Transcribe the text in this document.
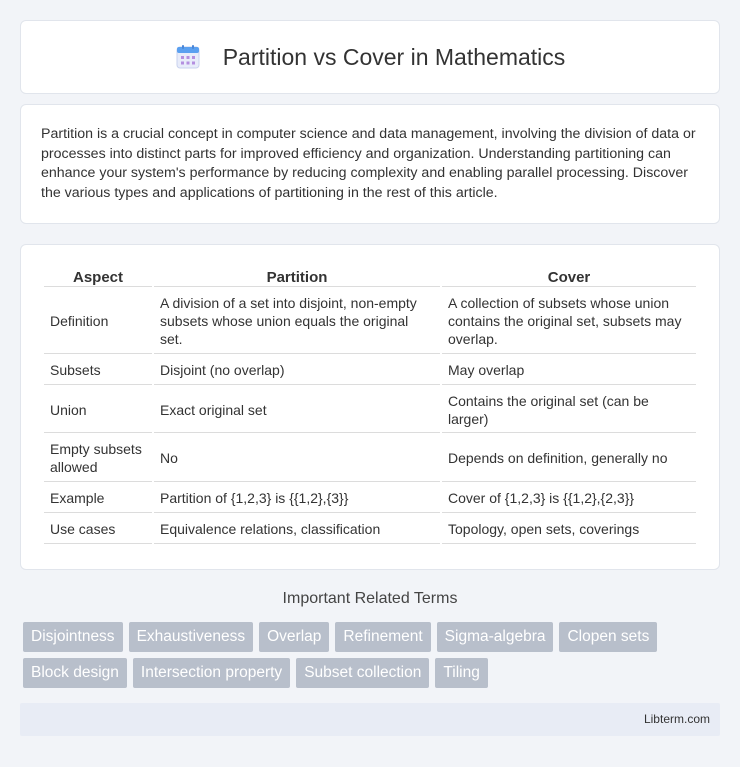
Partition vs Cover in Mathematics

Partition is a crucial concept in computer science and data management, involving the division of data or processes into distinct parts for improved efficiency and organization. Understanding partitioning can enhance your system's performance by reducing complexity and enabling parallel processing. Discover the various types and applications of partitioning in the rest of this article.

Aspect	Partition	Cover
Definition	A division of a set into disjoint, non-empty subsets whose union equals the original set.	A collection of subsets whose union contains the original set, subsets may overlap.
Subsets	Disjoint (no overlap)	May overlap
Union	Exact original set	Contains the original set (can be larger)
Empty subsets allowed	No	Depends on definition, generally no
Example	Partition of {1,2,3} is {{1,2},{3}}	Cover of {1,2,3} is {{1,2},{2,3}}
Use cases	Equivalence relations, classification	Topology, open sets, coverings
Important Related Terms
Disjointness	Exhaustiveness	Overlap	Refinement	Sigma-algebra	Clopen sets
Block design	Intersection property	Subset collection	Tiling
Libterm.com
